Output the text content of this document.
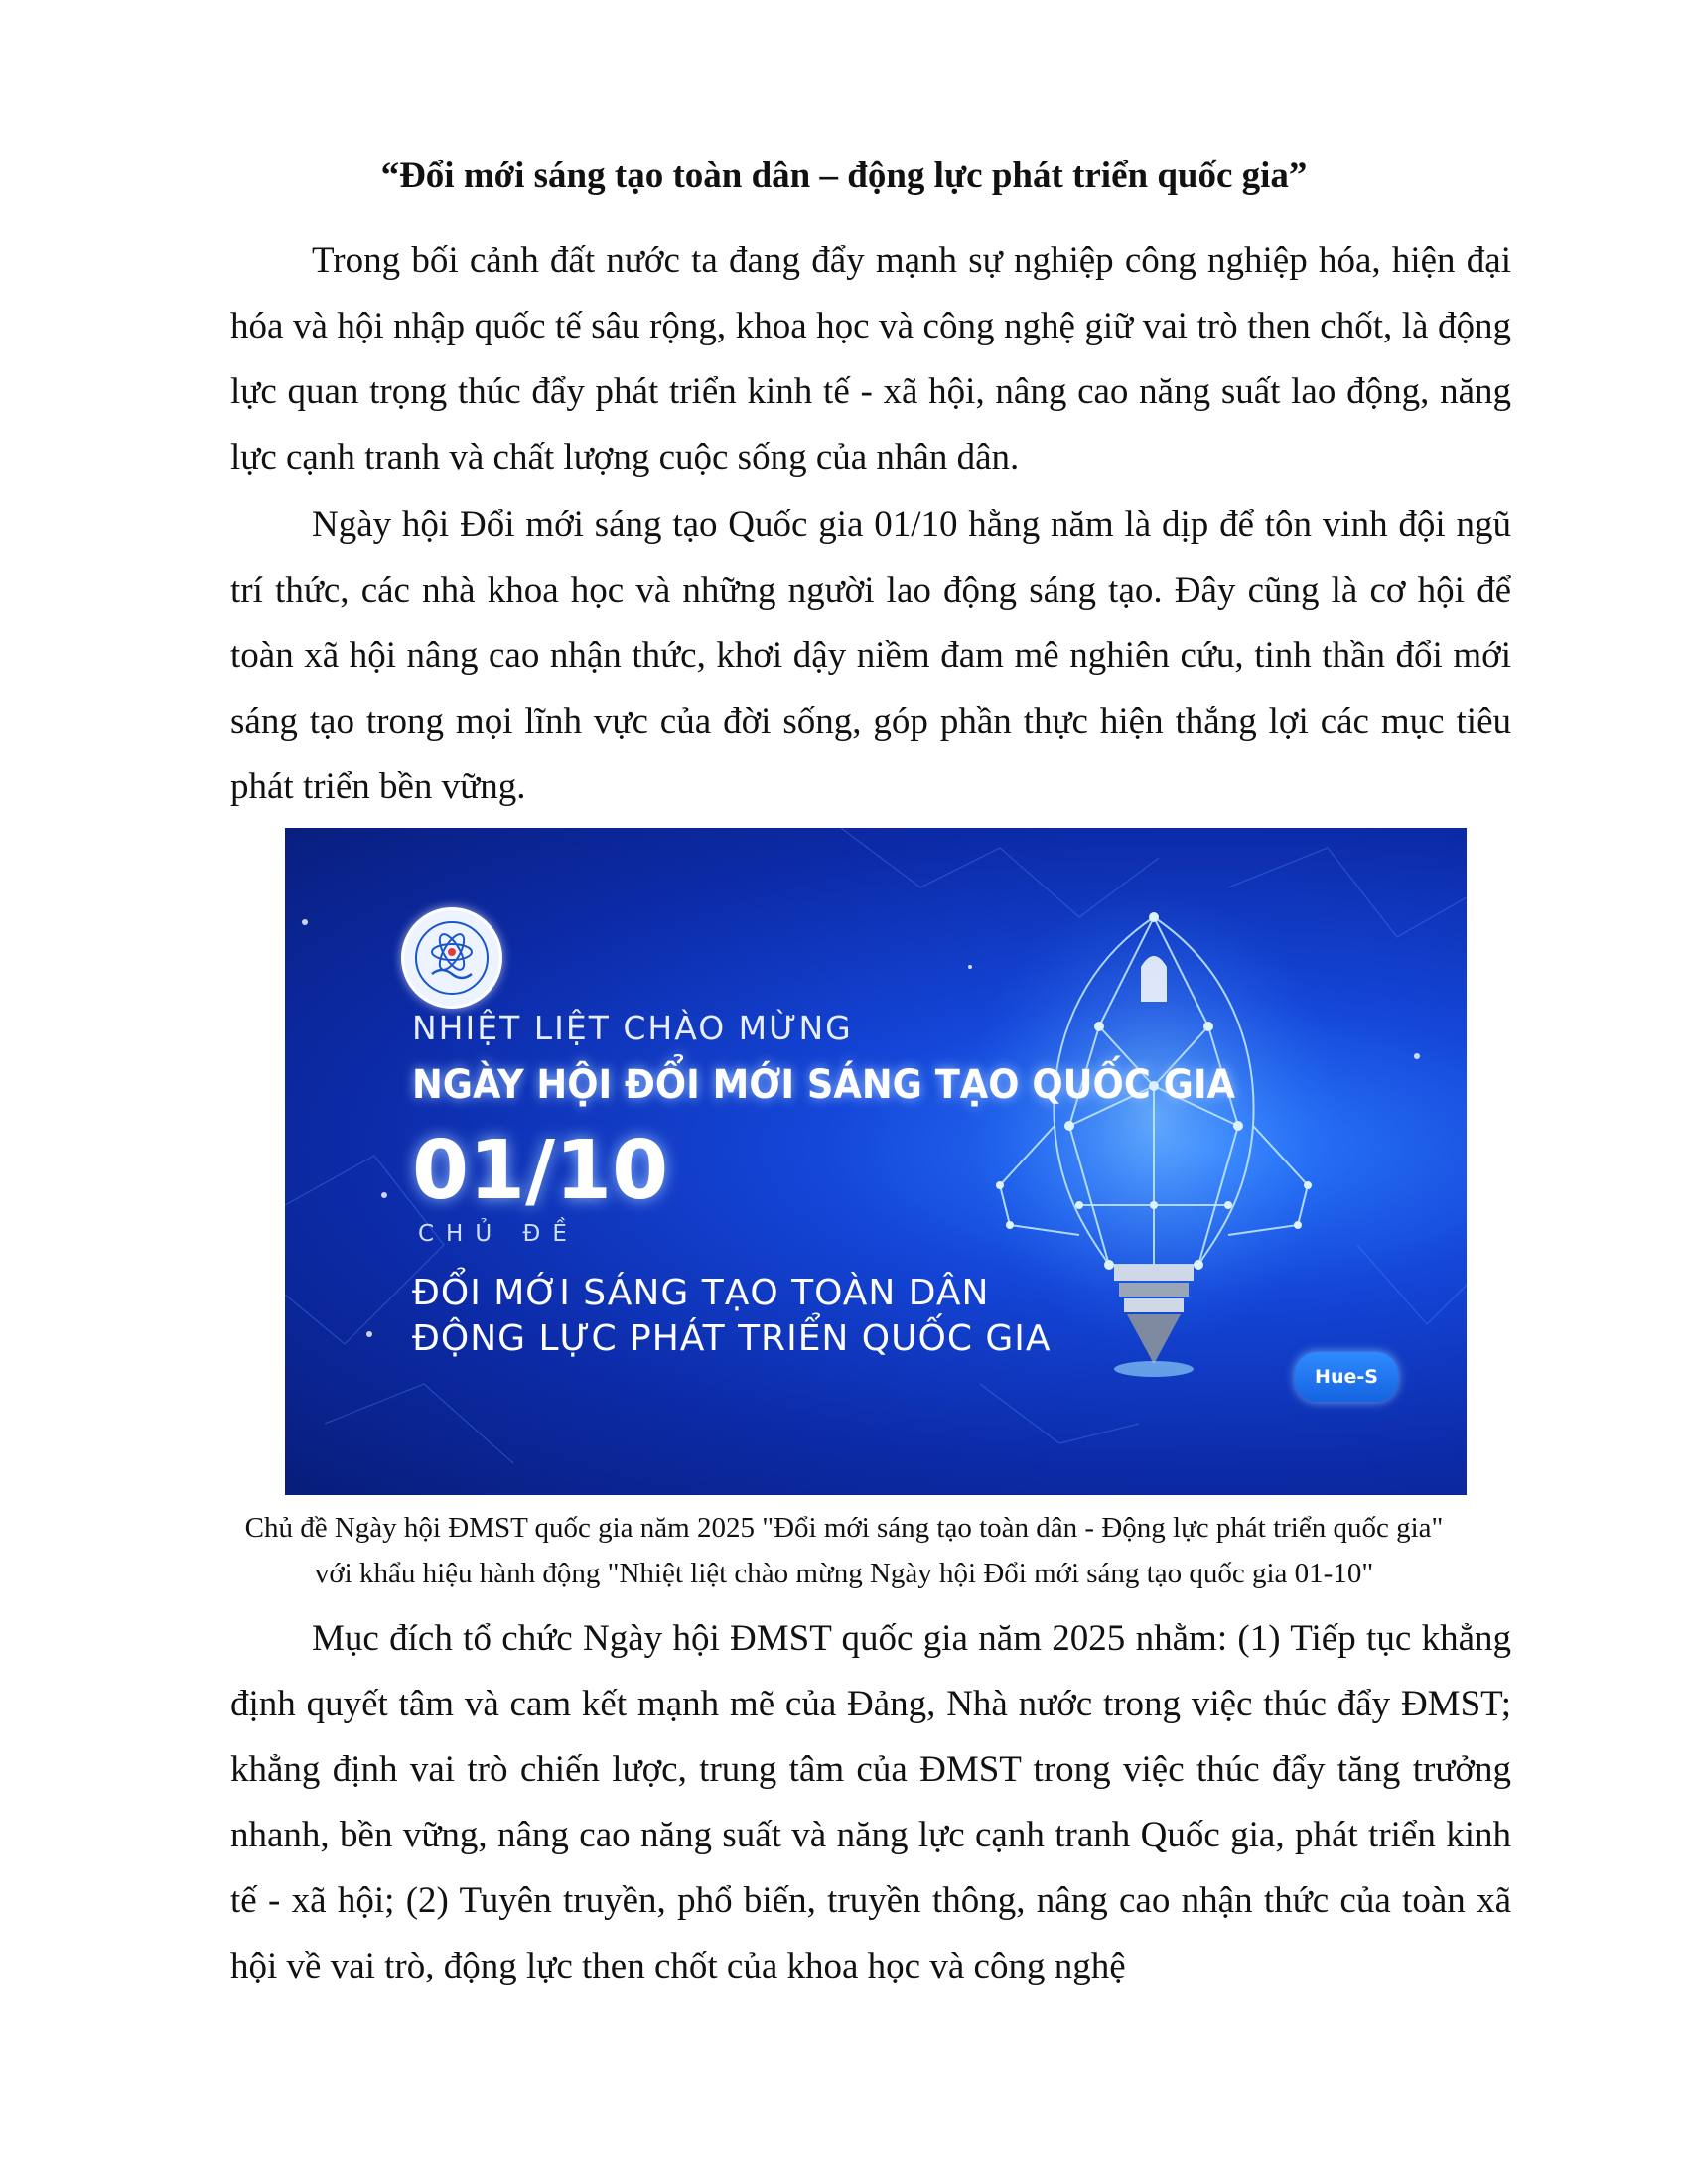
“Đổi mới sáng tạo toàn dân – động lực phát triển quốc gia”

Trong bối cảnh đất nước ta đang đẩy mạnh sự nghiệp công nghiệp hóa, hiện đại hóa và hội nhập quốc tế sâu rộng, khoa học và công nghệ giữ vai trò then chốt, là động lực quan trọng thúc đẩy phát triển kinh tế - xã hội, nâng cao năng suất lao động, năng lực cạnh tranh và chất lượng cuộc sống của nhân dân.

Ngày hội Đổi mới sáng tạo Quốc gia 01/10 hằng năm là dịp để tôn vinh đội ngũ trí thức, các nhà khoa học và những người lao động sáng tạo. Đây cũng là cơ hội để toàn xã hội nâng cao nhận thức, khơi dậy niềm đam mê nghiên cứu, tinh thần đổi mới sáng tạo trong mọi lĩnh vực của đời sống, góp phần thực hiện thắng lợi các mục tiêu phát triển bền vững.

NHIỆT LIỆT CHÀO MỪNG
NGÀY HỘI ĐỔI MỚI SÁNG TẠO QUỐC GIA
01/10
CHỦ ĐỀ
ĐỔI MỚI SÁNG TẠO TOÀN DÂN
ĐỘNG LỰC PHÁT TRIỂN QUỐC GIA
Hue-S
Chủ đề Ngày hội ĐMST quốc gia năm 2025 "Đổi mới sáng tạo toàn dân - Động lực phát triển quốc gia"
với khẩu hiệu hành động "Nhiệt liệt chào mừng Ngày hội Đổi mới sáng tạo quốc gia 01-10"

Mục đích tổ chức Ngày hội ĐMST quốc gia năm 2025 nhằm: (1) Tiếp tục khẳng định quyết tâm và cam kết mạnh mẽ của Đảng, Nhà nước trong việc thúc đẩy ĐMST; khẳng định vai trò chiến lược, trung tâm của ĐMST trong việc thúc đẩy tăng trưởng nhanh, bền vững, nâng cao năng suất và năng lực cạnh tranh Quốc gia, phát triển kinh tế - xã hội; (2) Tuyên truyền, phổ biến, truyền thông, nâng cao nhận thức của toàn xã hội về vai trò, động lực then chốt của khoa học và công nghệ
